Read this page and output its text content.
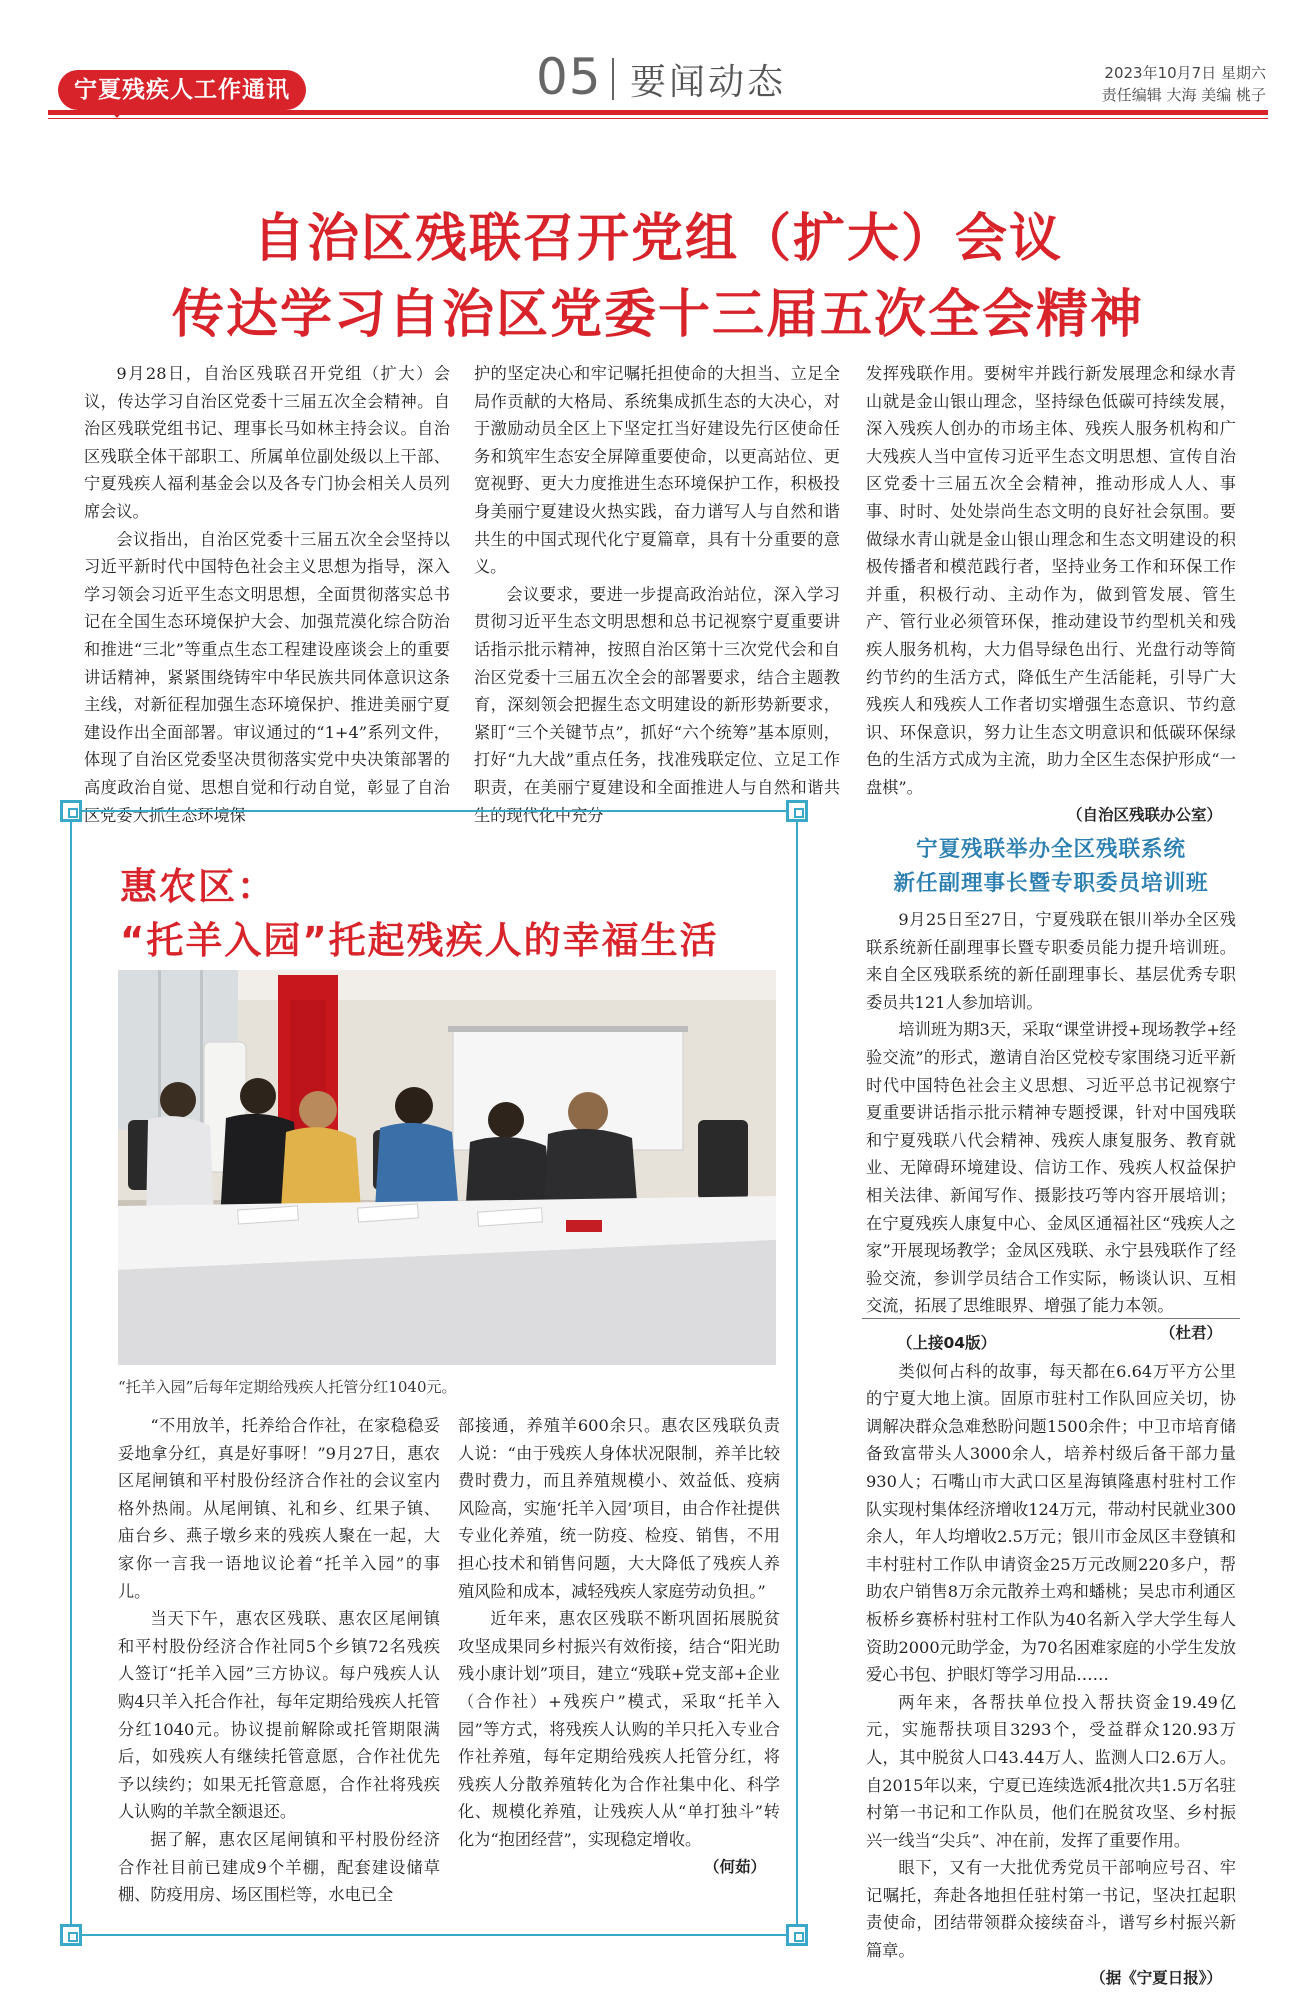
宁夏残疾人工作通讯	05 要闻动态	2023年10月7日 星期六
责任编辑 大海 美编 桃子
自治区残联召开党组（扩大）会议
传达学习自治区党委十三届五次全会精神

9月28日，自治区残联召开党组（扩大）会议，传达学习自治区党委十三届五次全会精神。自治区残联党组书记、理事长马如林主持会议。自治区残联全体干部职工、所属单位副处级以上干部、宁夏残疾人福利基金会以及各专门协会相关人员列席会议。

会议指出，自治区党委十三届五次全会坚持以习近平新时代中国特色社会主义思想为指导，深入学习领会习近平生态文明思想，全面贯彻落实总书记在全国生态环境保护大会、加强荒漠化综合防治和推进“三北”等重点生态工程建设座谈会上的重要讲话精神，紧紧围绕铸牢中华民族共同体意识这条主线，对新征程加强生态环境保护、推进美丽宁夏建设作出全面部署。审议通过的“1+4”系列文件，体现了自治区党委坚决贯彻落实党中央决策部署的高度政治自觉、思想自觉和行动自觉，彰显了自治区党委大抓生态环境保

护的坚定决心和牢记嘱托担使命的大担当、立足全局作贡献的大格局、系统集成抓生态的大决心，对于激励动员全区上下坚定扛当好建设先行区使命任务和筑牢生态安全屏障重要使命，以更高站位、更宽视野、更大力度推进生态环境保护工作，积极投身美丽宁夏建设火热实践，奋力谱写人与自然和谐共生的中国式现代化宁夏篇章，具有十分重要的意义。

会议要求，要进一步提高政治站位，深入学习贯彻习近平生态文明思想和总书记视察宁夏重要讲话指示批示精神，按照自治区第十三次党代会和自治区党委十三届五次全会的部署要求，结合主题教育，深刻领会把握生态文明建设的新形势新要求，紧盯“三个关键节点”，抓好“六个统筹”基本原则，打好“九大战”重点任务，找准残联定位、立足工作职责，在美丽宁夏建设和全面推进人与自然和谐共生的现代化中充分

发挥残联作用。要树牢并践行新发展理念和绿水青山就是金山银山理念，坚持绿色低碳可持续发展，深入残疾人创办的市场主体、残疾人服务机构和广大残疾人当中宣传习近平生态文明思想、宣传自治区党委十三届五次全会精神，推动形成人人、事事、时时、处处崇尚生态文明的良好社会氛围。要做绿水青山就是金山银山理念和生态文明建设的积极传播者和模范践行者，坚持业务工作和环保工作并重，积极行动、主动作为，做到管发展、管生产、管行业必须管环保，推动建设节约型机关和残疾人服务机构，大力倡导绿色出行、光盘行动等简约节约的生活方式，降低生产生活能耗，引导广大残疾人和残疾人工作者切实增强生态意识、节约意识、环保意识，努力让生态文明意识和低碳环保绿色的生活方式成为主流，助力全区生态保护形成“一盘棋”。

（自治区残联办公室）
惠农区：
“托羊入园”托起残疾人的幸福生活
“托羊入园”后每年定期给残疾人托管分红1040元。

“不用放羊，托养给合作社，在家稳稳妥妥地拿分红，真是好事呀！”9月27日，惠农区尾闸镇和平村股份经济合作社的会议室内格外热闹。从尾闸镇、礼和乡、红果子镇、庙台乡、燕子墩乡来的残疾人聚在一起，大家你一言我一语地议论着“托羊入园”的事儿。

当天下午，惠农区残联、惠农区尾闸镇和平村股份经济合作社同5个乡镇72名残疾人签订“托羊入园”三方协议。每户残疾人认购4只羊入托合作社，每年定期给残疾人托管分红1040元。协议提前解除或托管期限满后，如残疾人有继续托管意愿，合作社优先予以续约；如果无托管意愿，合作社将残疾人认购的羊款全额退还。

据了解，惠农区尾闸镇和平村股份经济合作社目前已建成9个羊棚，配套建设储草棚、防疫用房、场区围栏等，水电已全

部接通，养殖羊600余只。惠农区残联负责人说：“由于残疾人身体状况限制，养羊比较费时费力，而且养殖规模小、效益低、疫病风险高，实施‘托羊入园’项目，由合作社提供专业化养殖，统一防疫、检疫、销售，不用担心技术和销售问题，大大降低了残疾人养殖风险和成本，减轻残疾人家庭劳动负担。”

近年来，惠农区残联不断巩固拓展脱贫攻坚成果同乡村振兴有效衔接，结合“阳光助残小康计划”项目，建立“残联+党支部+企业（合作社）+残疾户”模式，采取“托羊入园”等方式，将残疾人认购的羊只托入专业合作社养殖，每年定期给残疾人托管分红，将残疾人分散养殖转化为合作社集中化、科学化、规模化养殖，让残疾人从“单打独斗”转化为“抱团经营”，实现稳定增收。

（何茹）
宁夏残联举办全区残联系统
新任副理事长暨专职委员培训班

9月25日至27日，宁夏残联在银川举办全区残联系统新任副理事长暨专职委员能力提升培训班。来自全区残联系统的新任副理事长、基层优秀专职委员共121人参加培训。

培训班为期3天，采取“课堂讲授+现场教学+经验交流”的形式，邀请自治区党校专家围绕习近平新时代中国特色社会主义思想、习近平总书记视察宁夏重要讲话指示批示精神专题授课，针对中国残联和宁夏残联八代会精神、残疾人康复服务、教育就业、无障碍环境建设、信访工作、残疾人权益保护相关法律、新闻写作、摄影技巧等内容开展培训；在宁夏残疾人康复中心、金凤区通福社区“残疾人之家”开展现场教学；金凤区残联、永宁县残联作了经验交流，参训学员结合工作实际，畅谈认识、互相交流，拓展了思维眼界、增强了能力本领。

（杜君）

（上接04版）

类似何占科的故事，每天都在6.64万平方公里的宁夏大地上演。固原市驻村工作队回应关切，协调解决群众急难愁盼问题1500余件；中卫市培育储备致富带头人3000余人，培养村级后备干部力量930人；石嘴山市大武口区星海镇隆惠村驻村工作队实现村集体经济增收124万元，带动村民就业300余人，年人均增收2.5万元；银川市金凤区丰登镇和丰村驻村工作队申请资金25万元改厕220多户，帮助农户销售8万余元散养土鸡和蟠桃；吴忠市利通区板桥乡赛桥村驻村工作队为40名新入学大学生每人资助2000元助学金，为70名困难家庭的小学生发放爱心书包、护眼灯等学习用品……

两年来，各帮扶单位投入帮扶资金19.49亿元，实施帮扶项目3293个，受益群众120.93万人，其中脱贫人口43.44万人、监测人口2.6万人。自2015年以来，宁夏已连续选派4批次共1.5万名驻村第一书记和工作队员，他们在脱贫攻坚、乡村振兴一线当“尖兵”、冲在前，发挥了重要作用。

眼下，又有一大批优秀党员干部响应号召、牢记嘱托，奔赴各地担任驻村第一书记，坚决扛起职责使命，团结带领群众接续奋斗，谱写乡村振兴新篇章。

（据《宁夏日报》）
